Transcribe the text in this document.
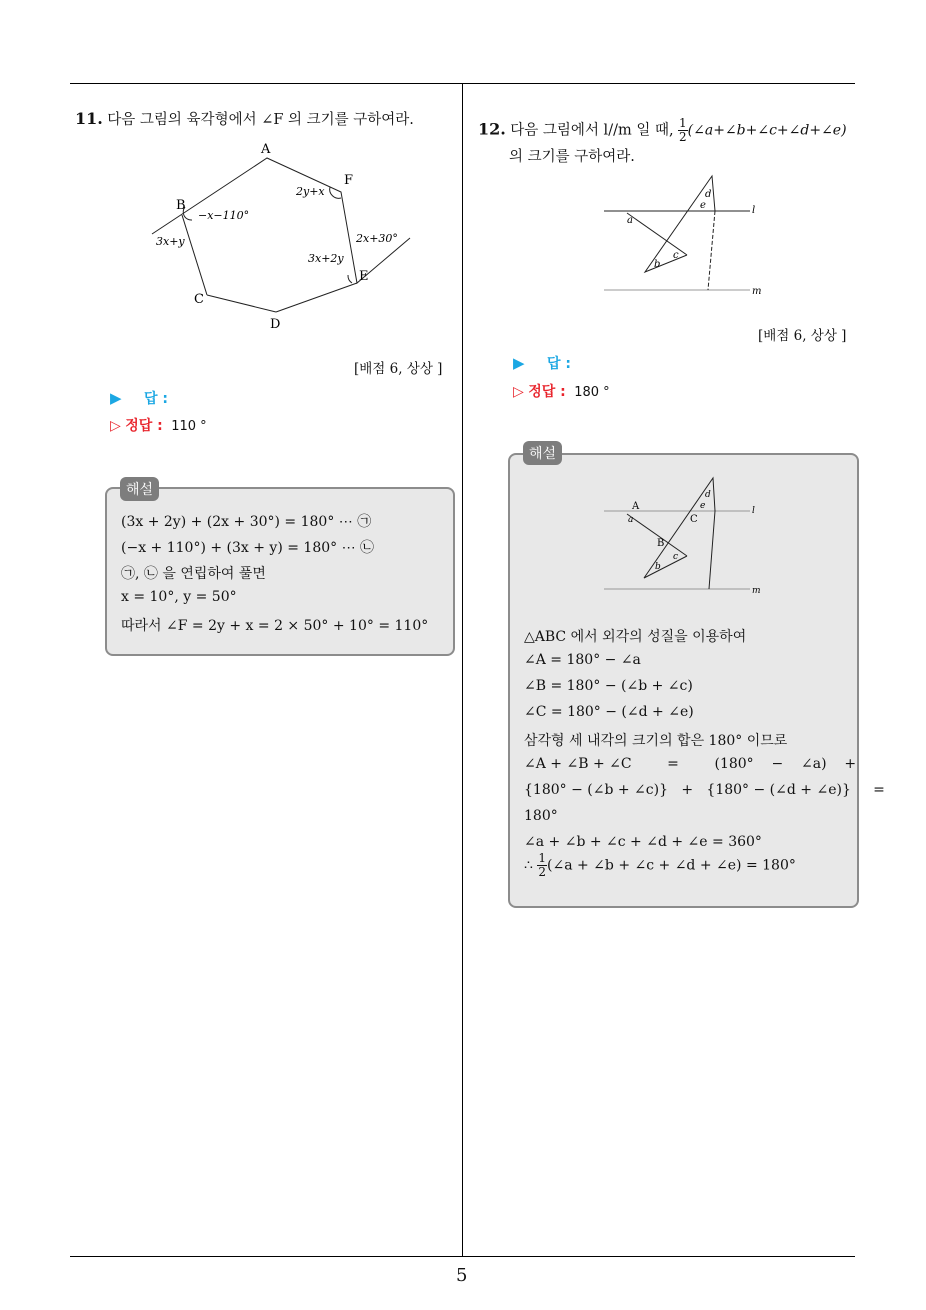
5
11. 다음 그림의 육각형에서 ∠F 의 크기를 구하여라.
A
F
B
C
D
E
2y+x
−x−110°
3x+y	2x+30°
3x+2y
[배점 6, 상상 ]
▶ 답 :
▷ 정답 : 110 °
(3x + 2y) + (2x + 30°) = 180° ⋯ ㉠
(−x + 110°) + (3x + y) = 180° ⋯ ㉡
㉠, ㉡ 을 연립하여 풀면
x = 10°, y = 50°
따라서 ∠F = 2y + x = 2 × 50° + 10° = 110°
해설
12. 다음 그림에서 l//m 일 때, $\frac{1}{2}$ (∠a+∠b+∠c+∠d+∠e)
의 크기를 구하여라.
a
b
c
d
e	l
m
[배점 6, 상상 ]
▶ 답 :
▷ 정답 : 180 °
A
B
C
a
b
c
d
e	l
m
△ABC 에서 외각의 성질을 이용하여
∠A = 180° − ∠a
∠B = 180° − (∠b + ∠c)
∠C = 180° − (∠d + ∠e)
삼각형 세 내각의 크기의 합은 180° 이므로
∠A + ∠B + ∠C        =        (180°    −    ∠a)    +
{180° − (∠b + ∠c)}   +   {180° − (∠d + ∠e)}     =
180°
∠a + ∠b + ∠c + ∠d + ∠e = 360°
∴ $\frac{1}{2}$ (∠a + ∠b + ∠c + ∠d + ∠e) = 180°
해설
